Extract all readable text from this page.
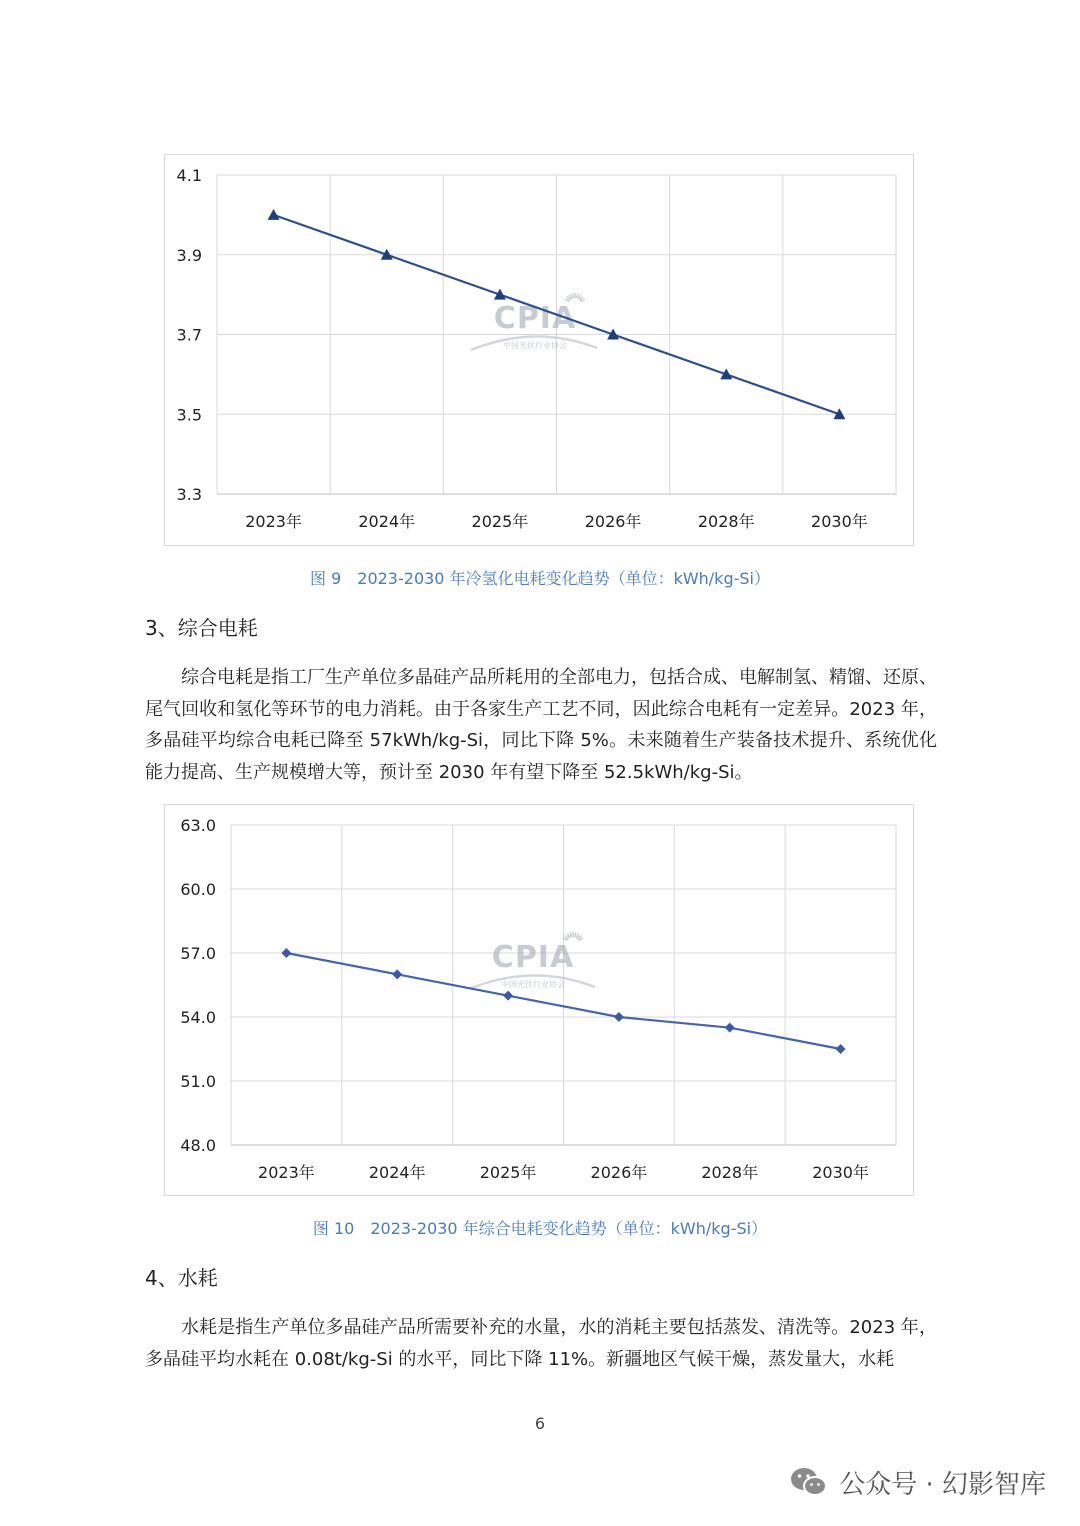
4.1
3.9
3.7
3.5
3.3
2023年	2024年	2025年	2026年	2028年	2030年
CPIA
中国光伏行业协会
图 9　2023-2030 年冷氢化电耗变化趋势（单位：kWh/kg-Si）
3、综合电耗

综合电耗是指工厂生产单位多晶硅产品所耗用的全部电力，包括合成、电解制氢、精馏、还原、尾气回收和氢化等环节的电力消耗。由于各家生产工艺不同，因此综合电耗有一定差异。2023 年，多晶硅平均综合电耗已降至 57kWh/kg-Si，同比下降 5%。未来随着生产装备技术提升、系统优化能力提高、生产规模增大等，预计至 2030 年有望下降至 52.5kWh/kg-Si。

63.0
60.0
57.0
54.0
51.0
48.0
2023年	2024年	2025年	2026年	2028年	2030年
CPIA
中国光伏行业协会
图 10　2023-2030 年综合电耗变化趋势（单位：kWh/kg-Si）
4、水耗

水耗是指生产单位多晶硅产品所需要补充的水量，水的消耗主要包括蒸发、清洗等。2023 年，多晶硅平均水耗在 0.08t/kg-Si 的水平，同比下降 11%。新疆地区气候干燥，蒸发量大，水耗

6
公众号 · 幻影智库
